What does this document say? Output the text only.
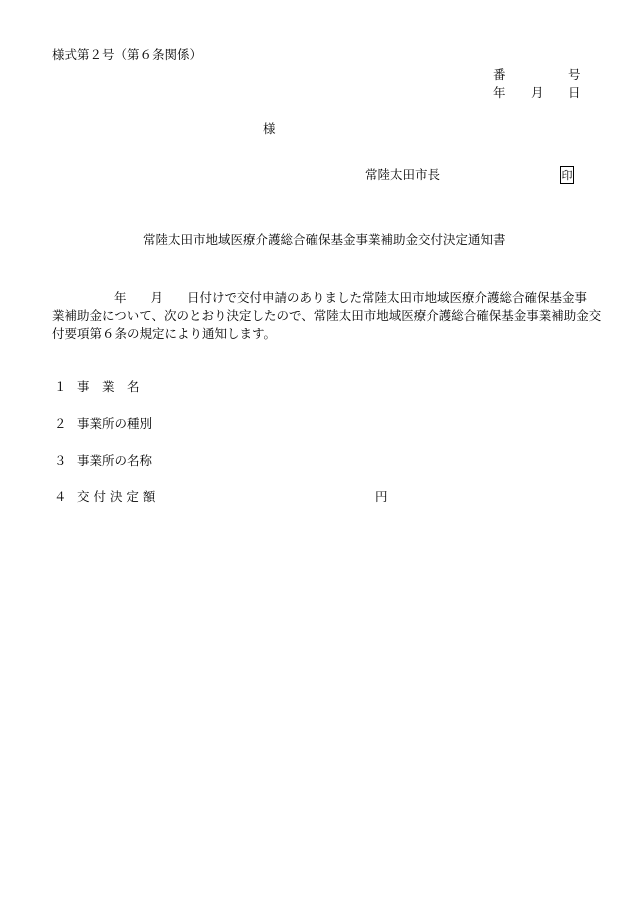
様式第２号（第６条関係）
番	号
年 月 日
様
常陸太田市長	印
常陸太田市地域医療介護総合確保基金事業補助金交付決定通知書
年 月 日付けで交付申請のありました常陸太田市地域医療介護総合確保基金事
業補助金について、次のとおり決定したので、常陸太田市地域医療介護総合確保基金事業補助金交
付要項第６条の規定により通知します。
１ 事　業　名
２ 事業所の種別
３ 事業所の名称
４ 交 付 決 定 額	円
